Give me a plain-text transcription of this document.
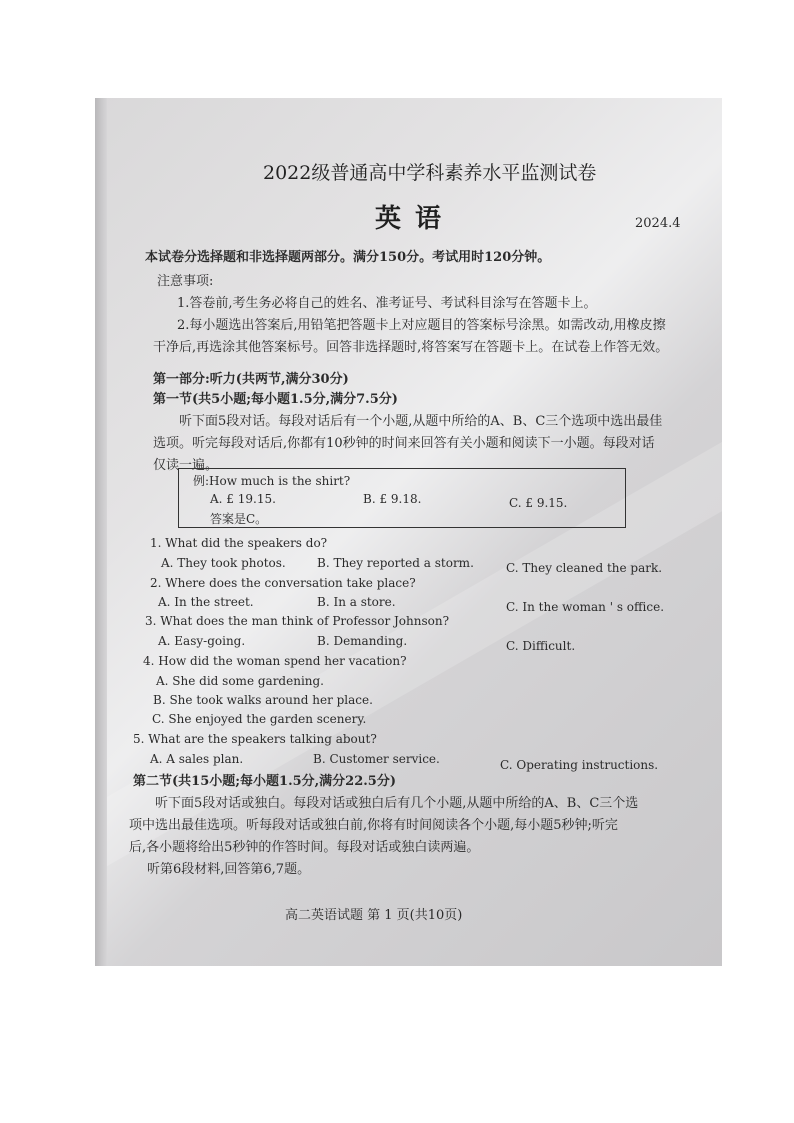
2022级普通高中学科素养水平监测试卷
英语	2024.4
本试卷分选择题和非选择题两部分。满分150分。考试用时120分钟。
注意事项:
1.答卷前,考生务必将自己的姓名、准考证号、考试科目涂写在答题卡上。
2.每小题选出答案后,用铅笔把答题卡上对应题目的答案标号涂黑。如需改动,用橡皮擦
干净后,再选涂其他答案标号。回答非选择题时,将答案写在答题卡上。在试卷上作答无效。
第一部分:听力(共两节,满分30分)
第一节(共5小题;每小题1.5分,满分7.5分)
听下面5段对话。每段对话后有一个小题,从题中所给的A、B、C三个选项中选出最佳
选项。听完每段对话后,你都有10秒钟的时间来回答有关小题和阅读下一小题。每段对话
仅读一遍。
例:How much is the shirt?
A. £ 19.15.	B. £ 9.18.	C. £ 9.15.
答案是C。
1. What did the speakers do?
A. They took photos.	B. They reported a storm.	C. They cleaned the park.
2. Where does the conversation take place?
A. In the street.	B. In a store.	C. In the woman ' s office.
3. What does the man think of Professor Johnson?
A. Easy-going.	B. Demanding.	C. Difficult.
4. How did the woman spend her vacation?
A. She did some gardening.
B. She took walks around her place.
C. She enjoyed the garden scenery.
5. What are the speakers talking about?
A. A sales plan.	B. Customer service.	C. Operating instructions.
第二节(共15小题;每小题1.5分,满分22.5分)
听下面5段对话或独白。每段对话或独白后有几个小题,从题中所给的A、B、C三个选
项中选出最佳选项。听每段对话或独白前,你将有时间阅读各个小题,每小题5秒钟;听完
后,各小题将给出5秒钟的作答时间。每段对话或独白读两遍。
听第6段材料,回答第6,7题。
高二英语试题 第 1 页(共10页)
